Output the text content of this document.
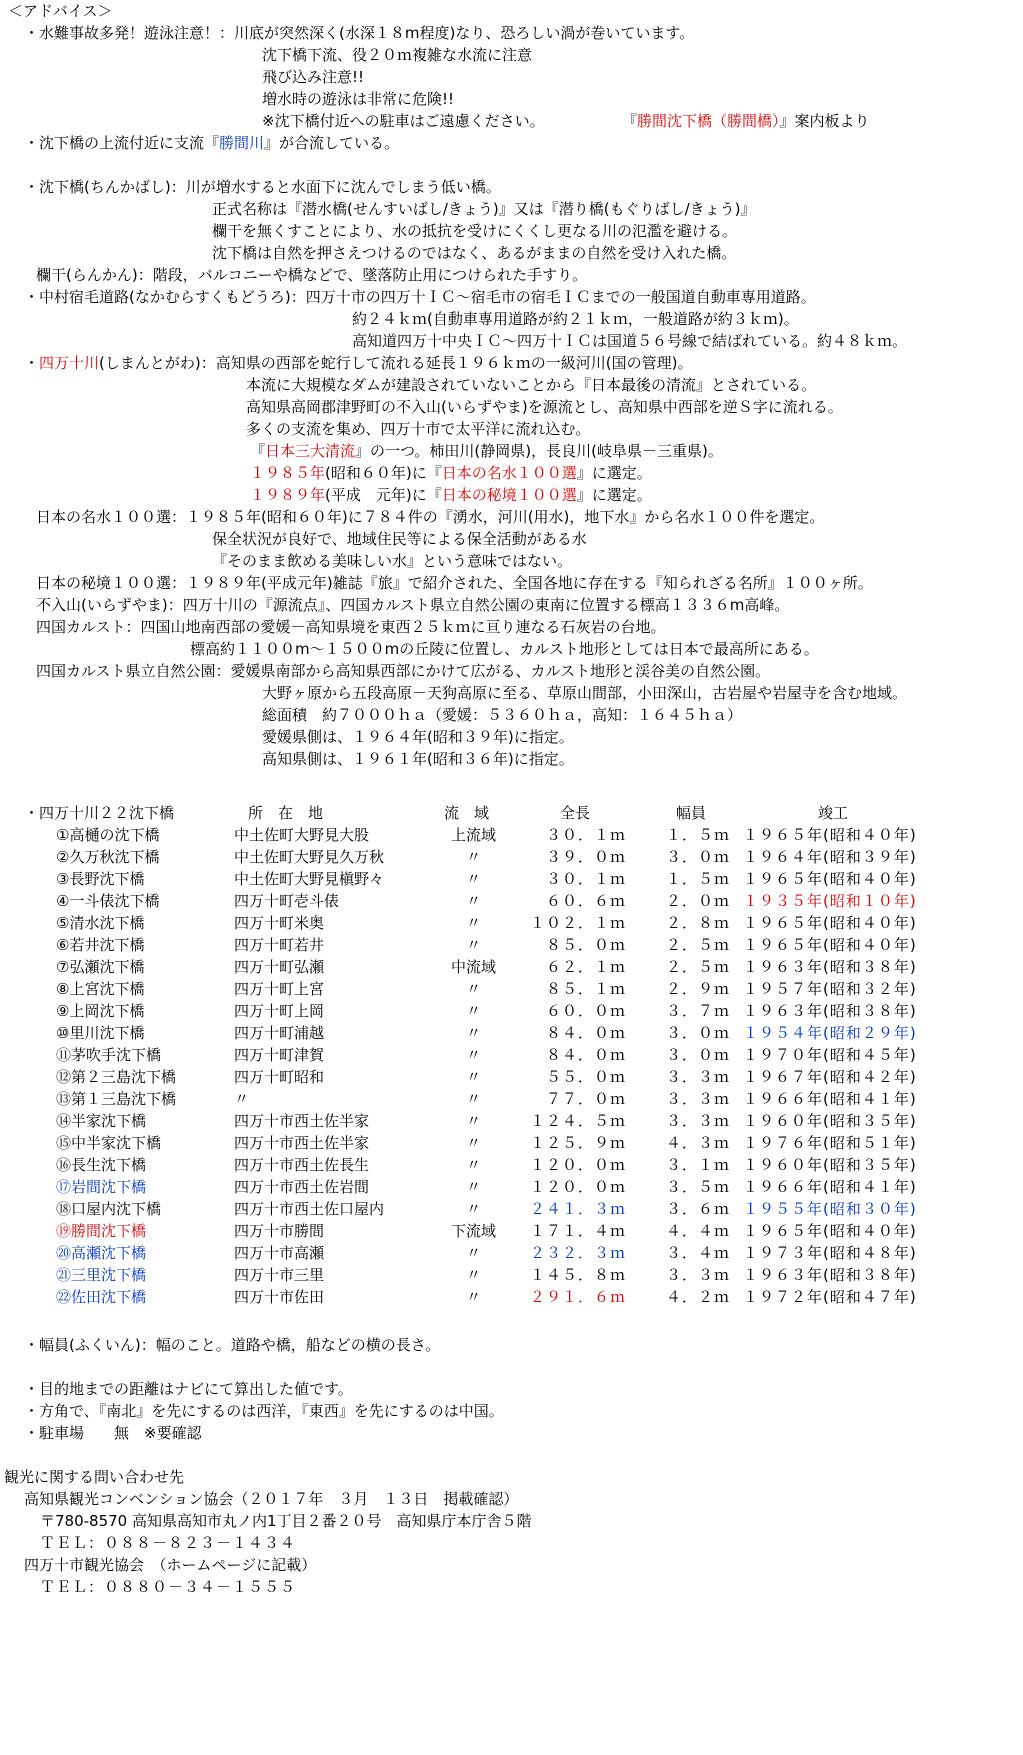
＜アドバイス＞
・水難事故多発！遊泳注意！：川底が突然深く(水深１８m程度)なり、恐ろしい渦が巻いています。
沈下橋下流、役２０ｍ複雑な水流に注意
飛び込み注意!!
増水時の遊泳は非常に危険!!
※沈下橋付近への駐車はご遠慮ください。	『勝間沈下橋（勝間橋）』案内板より
・沈下橋の上流付近に支流『勝間川』が合流している。
・沈下橋(ちんかばし)：川が増水すると水面下に沈んでしまう低い橋。
正式名称は『潜水橋(せんすいばし/きょう)』又は『潜り橋(もぐりばし/きょう)』
欄干を無くすことにより、水の抵抗を受けにくくし更なる川の氾濫を避ける。
沈下橋は自然を押さえつけるのではなく、あるがままの自然を受け入れた橋。
欄干(らんかん)：階段，バルコニーや橋などで、墜落防止用につけられた手すり。
・中村宿毛道路(なかむらすくもどうろ)：四万十市の四万十ＩＣ～宿毛市の宿毛ＩＣまでの一般国道自動車専用道路。
約２４ｋｍ(自動車専用道路が約２１ｋｍ，一般道路が約３ｋｍ)。
高知道四万十中央ＩＣ～四万十ＩＣは国道５６号線で結ばれている。約４８ｋｍ。
・四万十川(しまんとがわ)：高知県の西部を蛇行して流れる延長１９６ｋｍの一級河川(国の管理)。
本流に大規模なダムが建設されていないことから『日本最後の清流』とされている。
高知県高岡郡津野町の不入山(いらずやま)を源流とし、高知県中西部を逆Ｓ字に流れる。
多くの支流を集め、四万十市で太平洋に流れ込む。
『日本三大清流』の一つ。柿田川(静岡県)，長良川(岐阜県－三重県)。
１９８５年(昭和６０年)に『日本の名水１００選』に選定。
１９８９年(平成　元年)に『日本の秘境１００選』に選定。
日本の名水１００選：１９８５年(昭和６０年)に７８４件の『湧水，河川(用水)，地下水』から名水１００件を選定。
保全状況が良好で、地域住民等による保全活動がある水
『そのまま飲める美味しい水』という意味ではない。
日本の秘境１００選：１９８９年(平成元年)雑誌『旅』で紹介された、全国各地に存在する『知られざる名所』１００ヶ所。
不入山(いらずやま)：四万十川の『源流点』、四国カルスト県立自然公園の東南に位置する標高１３３６m高峰。
四国カルスト：四国山地南西部の愛媛－高知県境を東西２５ｋｍに亘り連なる石灰岩の台地。
標高約１１００m～１５００mの丘陵に位置し、カルスト地形としては日本で最高所にある。
四国カルスト県立自然公園：愛媛県南部から高知県西部にかけて広がる、カルスト地形と渓谷美の自然公園。
大野ヶ原から五段高原－天狗高原に至る、草原山間部，小田深山，古岩屋や岩屋寺を含む地域。
総面積　約７０００ｈａ（愛媛：５３６０ｈａ，高知：１６４５ｈａ）
愛媛県側は、１９６４年(昭和３９年)に指定。
高知県側は、１９６１年(昭和３６年)に指定。
・四万十川２２沈下橋	所　在　地	流　域	全長	幅員	竣工
①高樋の沈下橋	中土佐町大野見大股	上流域	３０．１ｍ	１．５ｍ １９６５年(昭和４０年)
②久万秋沈下橋	中土佐町大野見久万秋	〃	３９．０ｍ	３．０ｍ １９６４年(昭和３９年)
③長野沈下橋	中土佐町大野見槇野々	〃	３０．１ｍ	１．５ｍ １９６５年(昭和４０年)
④一斗俵沈下橋	四万十町壱斗俵	〃	６０．６ｍ	２．０ｍ １９３５年(昭和１０年)
⑤清水沈下橋	四万十町米奥	〃	１０２．１ｍ	２．８ｍ １９６５年(昭和４０年)
⑥若井沈下橋	四万十町若井	〃	８５．０ｍ	２．５ｍ １９６５年(昭和４０年)
⑦弘瀬沈下橋	四万十町弘瀬	中流域	６２．１ｍ	２．５ｍ １９６３年(昭和３８年)
⑧上宮沈下橋	四万十町上宮	〃	８５．１ｍ	２．９ｍ １９５７年(昭和３２年)
⑨上岡沈下橋	四万十町上岡	〃	６０．０ｍ	３．７ｍ １９６３年(昭和３８年)
⑩里川沈下橋	四万十町浦越	〃	８４．０ｍ	３．０ｍ １９５４年(昭和２９年)
⑪茅吹手沈下橋	四万十町津賀	〃	８４．０ｍ	３．０ｍ １９７０年(昭和４５年)
⑫第２三島沈下橋	四万十町昭和	〃	５５．０ｍ	３．３ｍ １９６７年(昭和４２年)
⑬第１三島沈下橋	〃	〃	７７．０ｍ	３．３ｍ １９６６年(昭和４１年)
⑭半家沈下橋	四万十市西土佐半家	〃	１２４．５ｍ	３．３ｍ １９６０年(昭和３５年)
⑮中半家沈下橋	四万十市西土佐半家	〃	１２５．９ｍ	４．３ｍ １９７６年(昭和５１年)
⑯長生沈下橋	四万十市西土佐長生	〃	１２０．０ｍ	３．１ｍ １９６０年(昭和３５年)
⑰岩間沈下橋	四万十市西土佐岩間	〃	１２０．０ｍ	３．５ｍ １９６６年(昭和４１年)
⑱口屋内沈下橋	四万十市西土佐口屋内	〃	２４１．３ｍ	３．６ｍ １９５５年(昭和３０年)
⑲勝間沈下橋	四万十市勝間	下流域	１７１．４ｍ	４．４ｍ １９６５年(昭和４０年)
⑳高瀬沈下橋	四万十市高瀬	〃	２３２．３ｍ	３．４ｍ １９７３年(昭和４８年)
㉑三里沈下橋	四万十市三里	〃	１４５．８ｍ	３．３ｍ １９６３年(昭和３８年)
㉒佐田沈下橋	四万十市佐田	〃	２９１．６ｍ	４．２ｍ １９７２年(昭和４７年)
・幅員(ふくいん)：幅のこと。道路や橋，船などの横の長さ。
・目的地までの距離はナビにて算出した値です。
・方角で、『南北』を先にするのは西洋，『東西』を先にするのは中国。
・駐車場　　無　※要確認
観光に関する問い合わせ先
高知県観光コンベンション協会（２０１７年　３月　１３日　掲載確認）
〒780-8570 高知県高知市丸ノ内1丁目２番２０号　高知県庁本庁舎５階
ＴＥＬ：０８８－８２３－１４３４
四万十市観光協会　（ホームページに記載）
ＴＥＬ：０８８０－３４－１５５５
